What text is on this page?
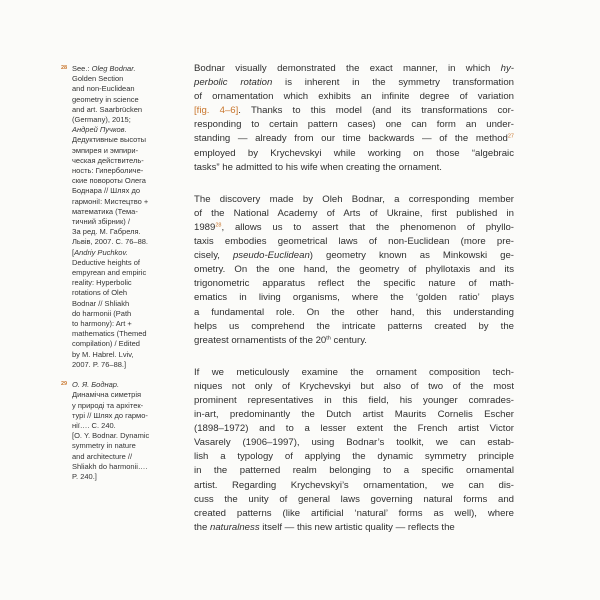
28 See.: Oleg Bodnar.
Golden Section
and non-Euclidean
geometry in science
and art. Saarbrücken
(Germany), 2015;
Андрей Пучков.
Дедуктивные высоты
эмпирея и эмпири-
ческая действитель-
ность: Гиперболиче-
ские повороты Олега
Боднара // Шлях до
гармонії: Мистецтво +
математика (Тема-
тичний збірник) /
За ред. М. Габреля.
Львів, 2007. С. 76–88.
[Andriy Puchkov.
Deductive heights of
empyrean and empiric
reality: Hyperbolic
rotations of Oleh
Bodnar // Shliakh
do harmonii (Path
to harmony): Art +
mathematics (Themed
compilation) / Edited
by M. Habrel. Lviv,
2007. P. 76–88.]
29 О. Я. Боднар.
Динамічна симетрія
у природі та архітек-
турі // Шлях до гармо-
нії…. С. 240.
[O. Y. Bodnar. Dynamic
symmetry in nature
and architecture //
Shliakh do harmonii….
P. 240.]
Bodnar visually demonstrated the exact manner, in which hy-
perbolic rotation is inherent in the symmetry transformation
of ornamentation which exhibits an infinite degree of variation
[fig. 4–6]. Thanks to this model (and its transformations cor-
responding to certain pattern cases) one can form an under-
standing — already from our time backwards — of the method$^{27}$
employed by Krychevskyi while working on those “algebraic
tasks” he admitted to his wife when creating the ornament.
The discovery made by Oleh Bodnar, a corresponding member
of the National Academy of Arts of Ukraine, first published in
1989$^{28}$, allows us to assert that the phenomenon of phyllo-
taxis embodies geometrical laws of non-Euclidean (more pre-
cisely, pseudo-Euclidean) geometry known as Minkowski ge-
ometry. On the one hand, the geometry of phyllotaxis and its
trigonometric apparatus reflect the specific nature of math-
ematics in living organisms, where the ‘golden ratio’ plays
a fundamental role. On the other hand, this understanding
helps us comprehend the intricate patterns created by the
greatest ornamentists of the 20th century.
If we meticulously examine the ornament composition tech-
niques not only of Krychevskyi but also of two of the most
prominent representatives in this field, his younger comrades-
in-art, predominantly the Dutch artist Maurits Cornelis Escher
(1898–1972) and to a lesser extent the French artist Victor
Vasarely (1906–1997), using Bodnar’s toolkit, we can estab-
lish a typology of applying the dynamic symmetry principle
in the patterned realm belonging to a specific ornamental
artist. Regarding Krychevskyi’s ornamentation, we can dis-
cuss the unity of general laws governing natural forms and
created patterns (like artificial ‘natural’ forms as well), where
the naturalness itself — this new artistic quality — reflects the
